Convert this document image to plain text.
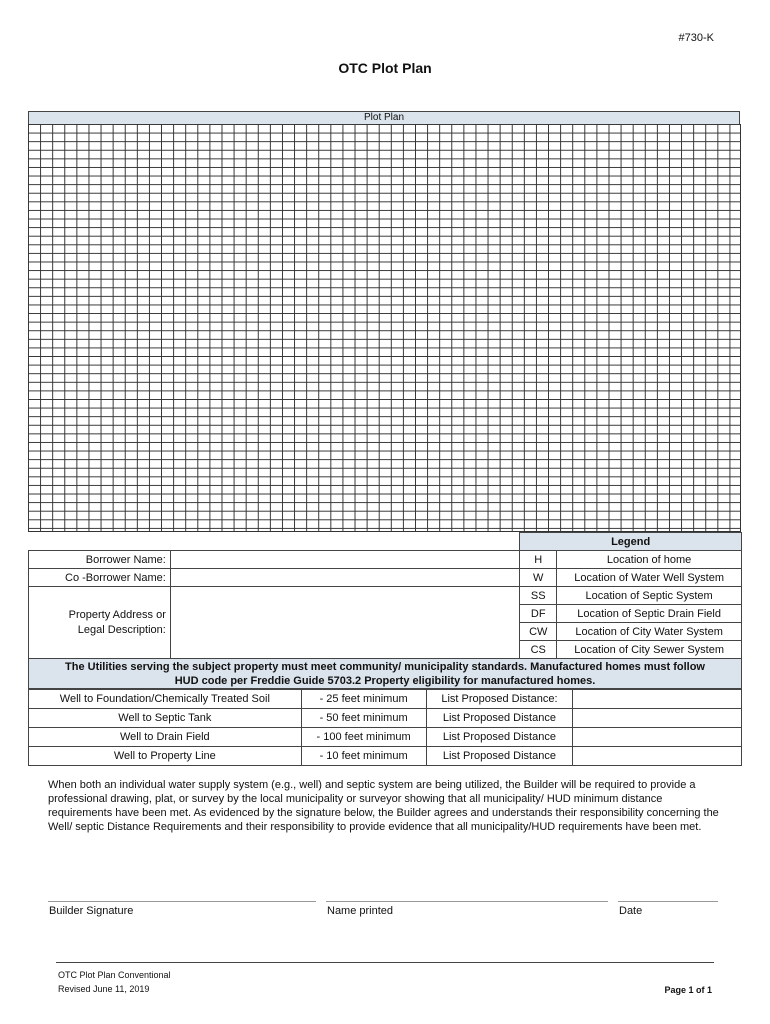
#730-K
OTC Plot Plan
Plot Plan
		Legend	
Borrower Name:		H	Location of home
Co -Borrower Name:		W	Location of Water Well System

Property Address or
Legal Description:		SS	Location of Septic System
		DF	Location of Septic Drain Field
		CW	Location of City Water System
		CS	Location of City Sewer System
The Utilities serving the subject property must meet community/ municipality standards. Manufactured homes must follow
HUD code per Freddie Guide 5703.2 Property eligibility for manufactured homes.
Well to Foundation/Chemically Treated Soil	- 25 feet minimum	List Proposed Distance:	
Well to Septic Tank	- 50 feet minimum	List Proposed Distance	
Well to Drain Field	- 100 feet minimum	List Proposed Distance	
Well to Property Line	- 10 feet minimum	List Proposed Distance	
When both an individual water supply system (e.g., well) and septic system are being utilized, the Builder will be required to provide a professional drawing, plat, or survey by the local municipality or surveyor showing that all municipality/ HUD minimum distance requirements have been met. As evidenced by the signature below, the Builder agrees and understands their responsibility concerning the Well/ septic Distance Requirements and their responsibility to provide evidence that all municipality/HUD requirements have been met.
Builder Signature	Name printed	Date
OTC Plot Plan Conventional
Revised June 11, 2019	Page 1 of 1
